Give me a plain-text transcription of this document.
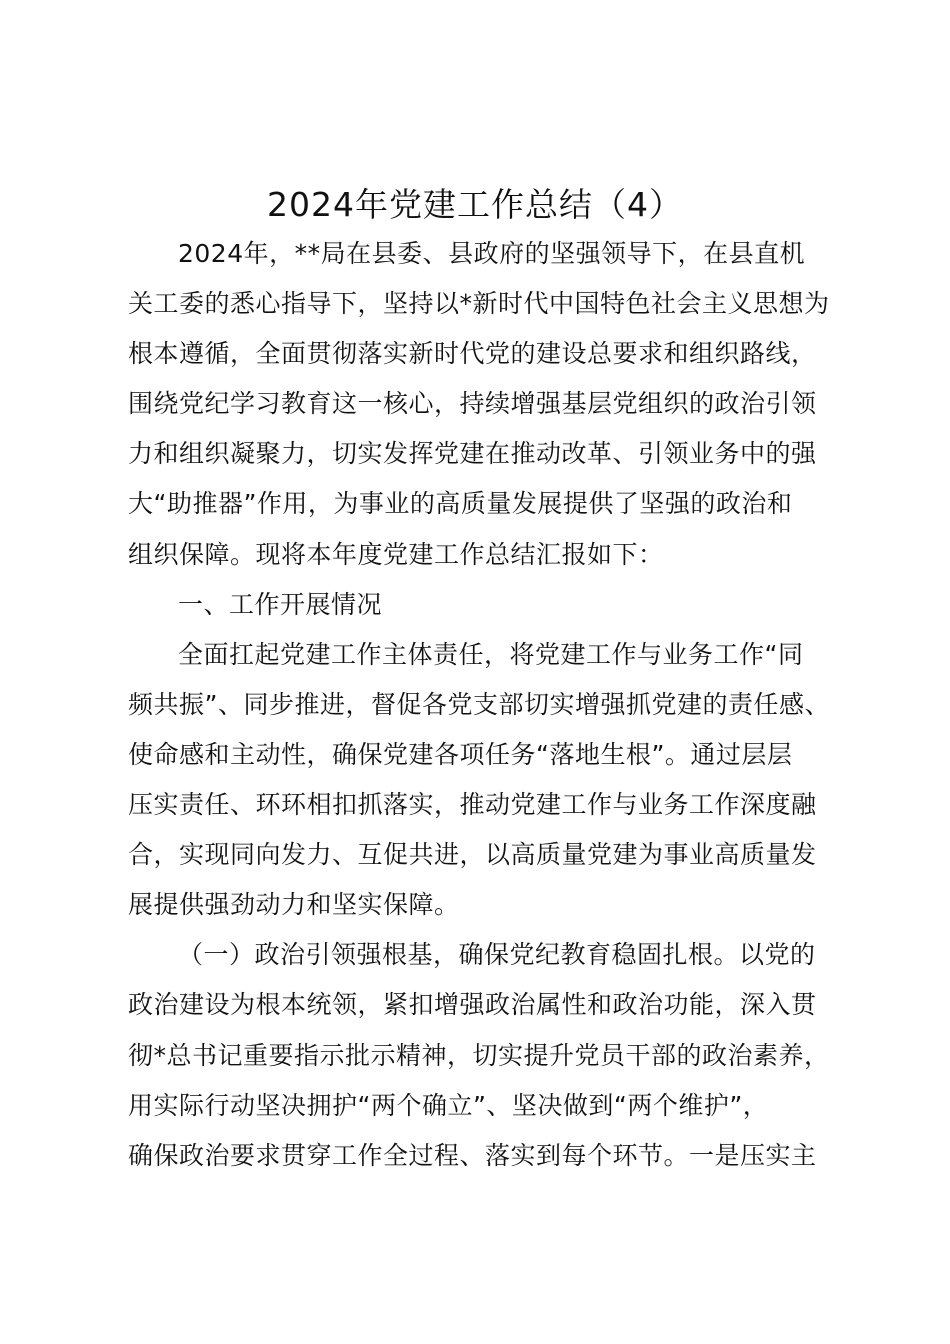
2024年党建工作总结（4）
2024年，**局在县委、县政府的坚强领导下，在县直机
关工委的悉心指导下，坚持以*新时代中国特色社会主义思想为
根本遵循，全面贯彻落实新时代党的建设总要求和组织路线，
围绕党纪学习教育这一核心，持续增强基层党组织的政治引领
力和组织凝聚力，切实发挥党建在推动改革、引领业务中的强
大“助推器”作用，为事业的高质量发展提供了坚强的政治和
组织保障。现将本年度党建工作总结汇报如下：
一、工作开展情况
全面扛起党建工作主体责任，将党建工作与业务工作“同
频共振”、同步推进，督促各党支部切实增强抓党建的责任感、
使命感和主动性，确保党建各项任务“落地生根”。通过层层
压实责任、环环相扣抓落实，推动党建工作与业务工作深度融
合，实现同向发力、互促共进，以高质量党建为事业高质量发
展提供强劲动力和坚实保障。
（一）政治引领强根基，确保党纪教育稳固扎根。以党的
政治建设为根本统领，紧扣增强政治属性和政治功能，深入贯
彻*总书记重要指示批示精神，切实提升党员干部的政治素养，
用实际行动坚决拥护“两个确立”、坚决做到“两个维护”，
确保政治要求贯穿工作全过程、落实到每个环节。一是压实主
